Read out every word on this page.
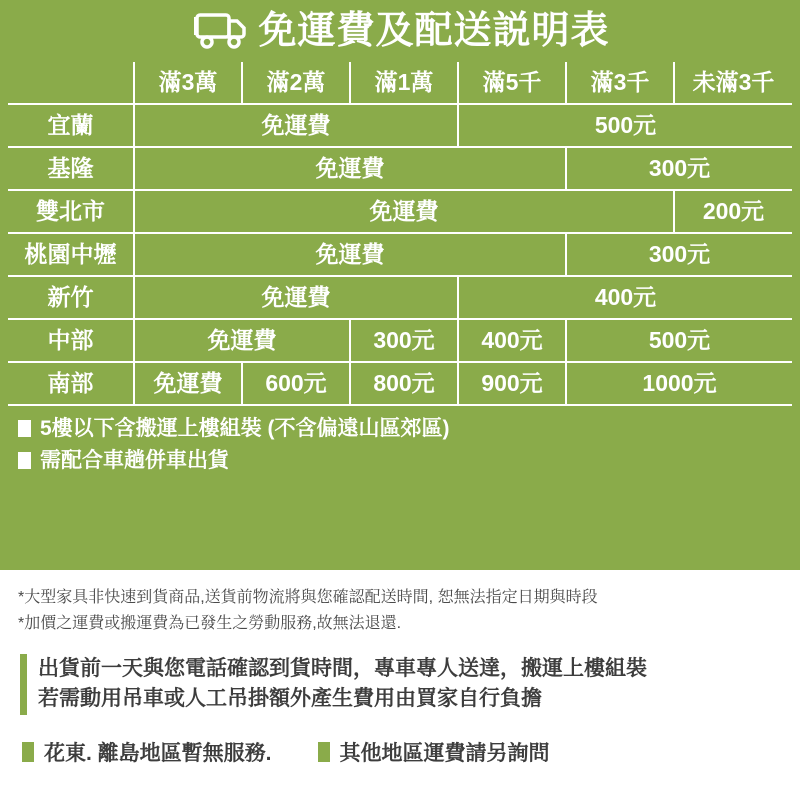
免運費及配送説明表
	滿3萬	滿2萬	滿1萬	滿5千	滿3千	未滿3千
宜蘭	免運費			500元		
基隆	免運費				300元	
雙北市	免運費					200元
桃園中壢	免運費				300元	
新竹	免運費			400元		
中部	免運費		300元	400元	500元	
南部	免運費	600元	800元	900元	1000元	
5樓以下含搬運上樓組裝 (不含偏遠山區郊區)
需配合車趟併車出貨

*大型家具非快速到貨商品,送貨前物流將與您確認配送時間, 恕無法指定日期與時段

*加價之運費或搬運費為已發生之勞動服務,故無法退還.

出貨前一天與您電話確認到貨時間，專車專人送達，搬運上樓組裝
若需動用吊車或人工吊掛額外產生費用由買家自行負擔
花東. 離島地區暫無服務.	其他地區運費請另詢問
